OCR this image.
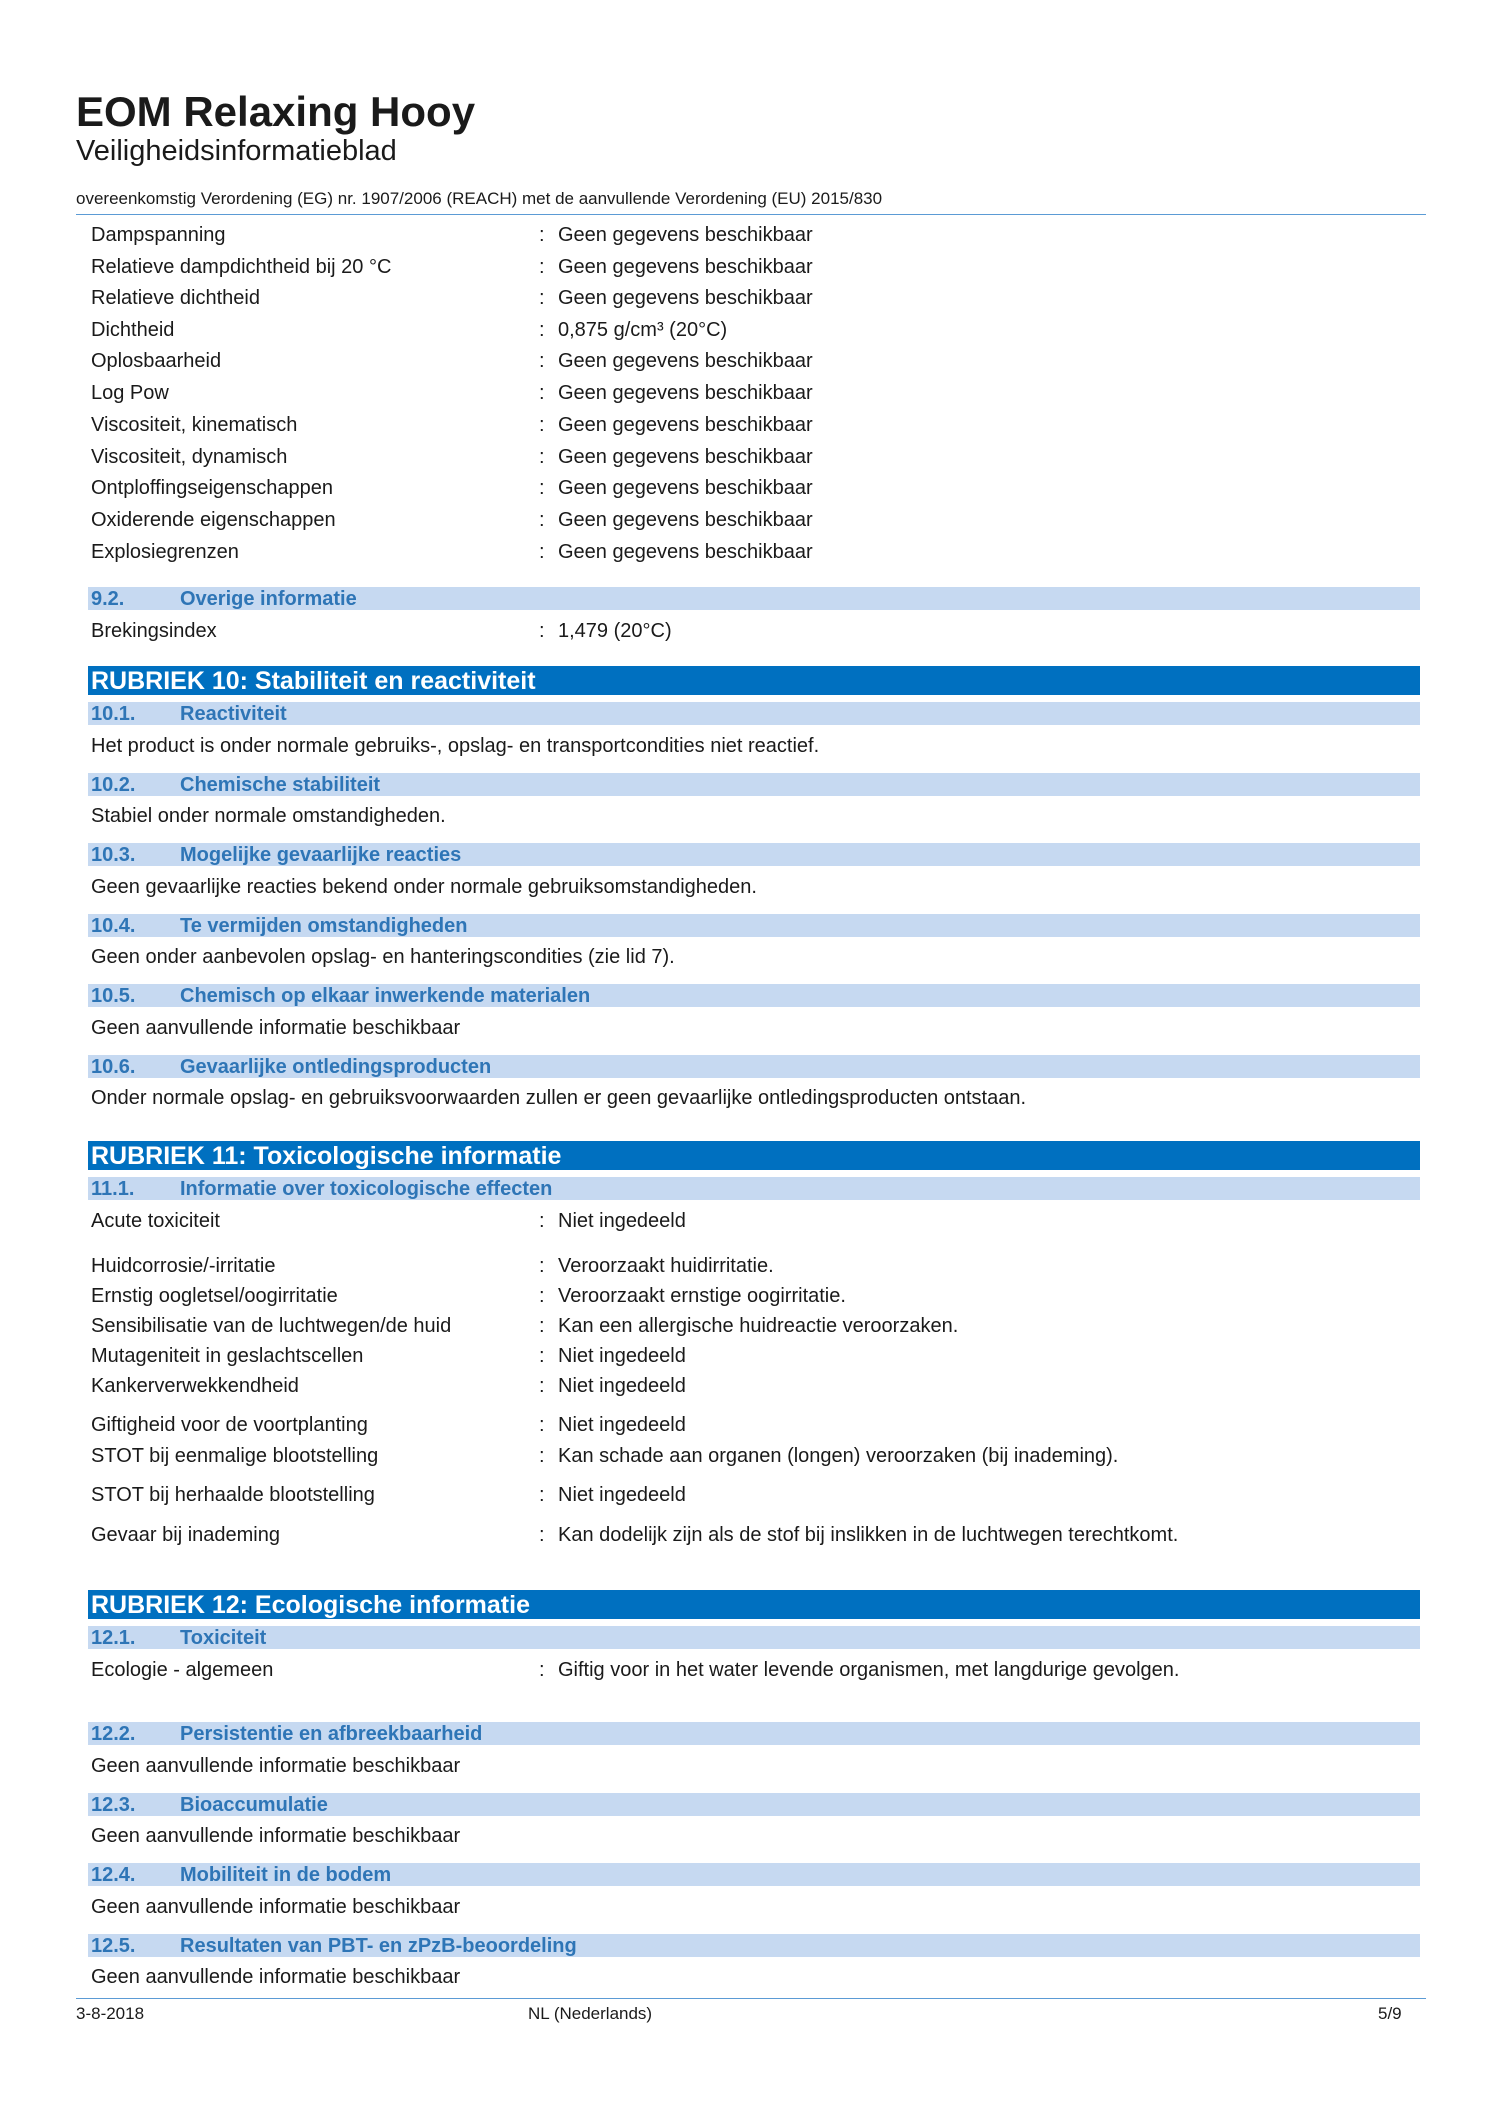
EOM Relaxing Hooy
Veiligheidsinformatieblad
overeenkomstig Verordening (EG) nr. 1907/2006 (REACH) met de aanvullende Verordening (EU) 2015/830
Dampspanning	: Geen gegevens beschikbaar
Relatieve dampdichtheid bij 20 °C	: Geen gegevens beschikbaar
Relatieve dichtheid	: Geen gegevens beschikbaar
Dichtheid	: 0,875 g/cm³ (20°C)
Oplosbaarheid	: Geen gegevens beschikbaar
Log Pow	: Geen gegevens beschikbaar
Viscositeit, kinematisch	: Geen gegevens beschikbaar
Viscositeit, dynamisch	: Geen gegevens beschikbaar
Ontploffingseigenschappen	: Geen gegevens beschikbaar
Oxiderende eigenschappen	: Geen gegevens beschikbaar
Explosiegrenzen	: Geen gegevens beschikbaar
9.2.	Overige informatie
Brekingsindex	: 1,479 (20°C)
RUBRIEK 10: Stabiliteit en reactiviteit
10.1. Reactiviteit
Het product is onder normale gebruiks-, opslag- en transportcondities niet reactief.
10.2. Chemische stabiliteit
Stabiel onder normale omstandigheden.
10.3. Mogelijke gevaarlijke reacties
Geen gevaarlijke reacties bekend onder normale gebruiksomstandigheden.
10.4. Te vermijden omstandigheden
Geen onder aanbevolen opslag- en hanteringscondities (zie lid 7).
10.5. Chemisch op elkaar inwerkende materialen
Geen aanvullende informatie beschikbaar
10.6. Gevaarlijke ontledingsproducten
Onder normale opslag- en gebruiksvoorwaarden zullen er geen gevaarlijke ontledingsproducten ontstaan.
RUBRIEK 11: Toxicologische informatie
11.1. Informatie over toxicologische effecten
Acute toxiciteit	: Niet ingedeeld
Huidcorrosie/-irritatie	: Veroorzaakt huidirritatie.
Ernstig oogletsel/oogirritatie	: Veroorzaakt ernstige oogirritatie.
Sensibilisatie van de luchtwegen/de huid	: Kan een allergische huidreactie veroorzaken.
Mutageniteit in geslachtscellen	: Niet ingedeeld
Kankerverwekkendheid	: Niet ingedeeld
Giftigheid voor de voortplanting	: Niet ingedeeld
STOT bij eenmalige blootstelling	: Kan schade aan organen (longen) veroorzaken (bij inademing).
STOT bij herhaalde blootstelling	: Niet ingedeeld
Gevaar bij inademing	: Kan dodelijk zijn als de stof bij inslikken in de luchtwegen terechtkomt.
RUBRIEK 12: Ecologische informatie
12.1. Toxiciteit
Ecologie - algemeen	: Giftig voor in het water levende organismen, met langdurige gevolgen.
12.2. Persistentie en afbreekbaarheid
Geen aanvullende informatie beschikbaar
12.3. Bioaccumulatie
Geen aanvullende informatie beschikbaar
12.4. Mobiliteit in de bodem
Geen aanvullende informatie beschikbaar
12.5. Resultaten van PBT- en zPzB-beoordeling
Geen aanvullende informatie beschikbaar
3-8-2018	NL (Nederlands)	5/9
